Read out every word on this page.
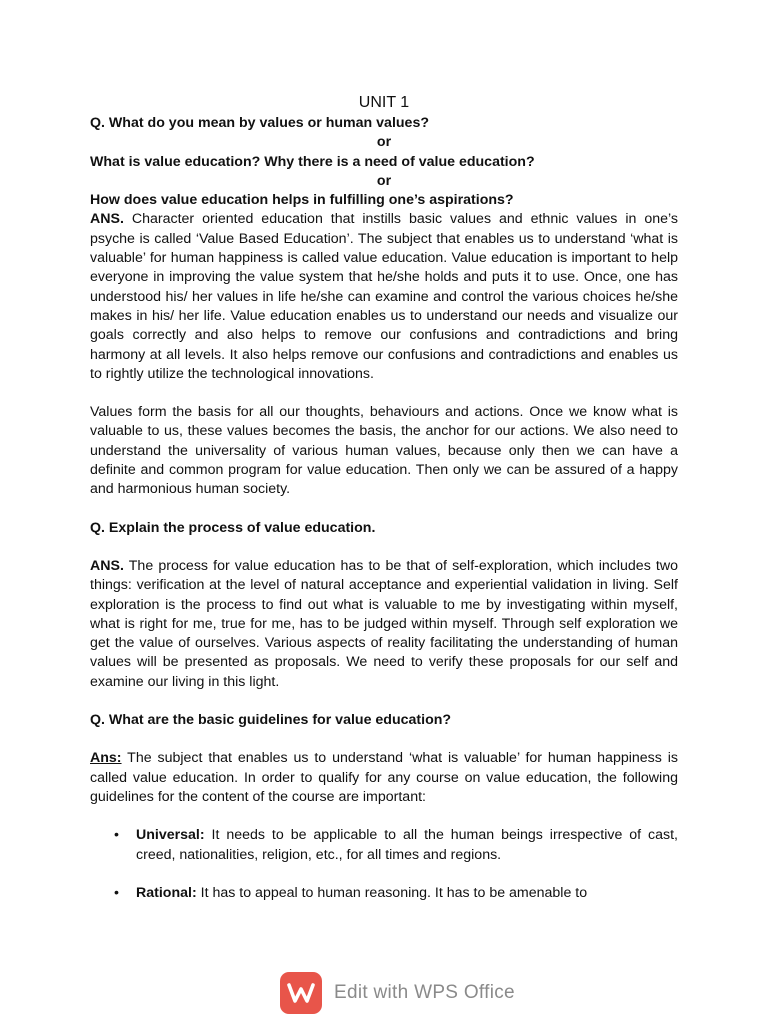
UNIT 1

Q. What do you mean by values or human values?

or

What is value education? Why there is a need of value education?

or

How does value education helps in fulfilling one’s aspirations?

ANS. Character oriented education that instills basic values and ethnic values in one’s psyche is called ‘Value Based Education’. The subject that enables us to understand ‘what is valuable’ for human happiness is called value education. Value education is important to help everyone in improving the value system that he/she holds and puts it to use. Once, one has understood his/ her values in life he/she can examine and control the various choices he/she makes in his/ her life. Value education enables us to understand our needs and visualize our goals correctly and also helps to remove our confusions and contradictions and bring harmony at all levels. It also helps remove our confusions and contradictions and enables us to rightly utilize the technological innovations.

Values form the basis for all our thoughts, behaviours and actions. Once we know what is valuable to us, these values becomes the basis, the anchor for our actions. We also need to understand the universality of various human values, because only then we can have a definite and common program for value education. Then only we can be assured of a happy and harmonious human society.

Q. Explain the process of value education.

ANS. The process for value education has to be that of self-exploration, which includes two things: verification at the level of natural acceptance and experiential validation in living. Self exploration is the process to find out what is valuable to me by investigating within myself, what is right for me, true for me, has to be judged within myself. Through self exploration we get the value of ourselves. Various aspects of reality facilitating the understanding of human values will be presented as proposals. We need to verify these proposals for our self and examine our living in this light.

Q. What are the basic guidelines for value education?

Ans: The subject that enables us to understand ‘what is valuable’ for human happiness is called value education. In order to qualify for any course on value education, the following guidelines for the content of the course are important:

• Universal: It needs to be applicable to all the human beings irrespective of cast, creed, nationalities, religion, etc., for all times and regions.
• Rational: It has to appeal to human reasoning. It has to be amenable to
Edit with WPS Office
